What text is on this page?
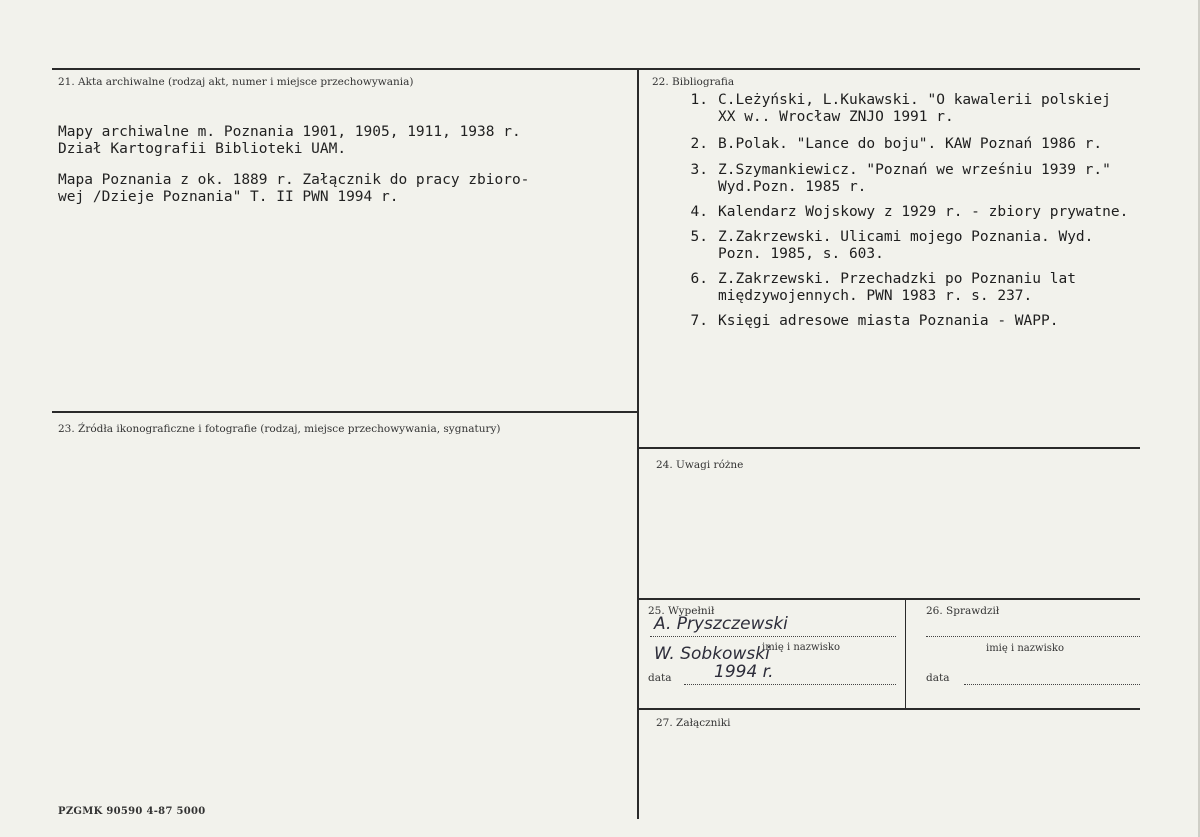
21. Akta archiwalne (rodzaj akt, numer i miejsce przechowywania)
Mapy archiwalne m. Poznania 1901, 1905, 1911, 1938 r.
Dział Kartografii Biblioteki UAM.
Mapa Poznania z ok. 1889 r. Załącznik do pracy zbioro-
wej /Dzieje Poznania" T. II PWN 1994 r.
23. Źródła ikonograficzne i fotografie (rodzaj, miejsce przechowywania, sygnatury)
22. Bibliografia
1. C.Leżyński, L.Kukawski. "O kawalerii polskiej
XX w.. Wrocław ZNJO 1991 r.
2. B.Polak. "Lance do boju". KAW Poznań 1986 r.
3. Z.Szymankiewicz. "Poznań we wrześniu 1939 r."
Wyd.Pozn. 1985 r.
4. Kalendarz Wojskowy z 1929 r. - zbiory prywatne.
5. Z.Zakrzewski. Ulicami mojego Poznania. Wyd.
Pozn. 1985, s. 603.
6. Z.Zakrzewski. Przechadzki po Poznaniu lat
międzywojennych. PWN 1983 r. s. 237.
7. Księgi adresowe miasta Poznania - WAPP.
24. Uwagi różne
25. Wypełnił
A. Pryszczewski
imię i nazwisko
W. Sobkowski
data	1994 r.
26. Sprawdził
imię i nazwisko
data
27. Załączniki
PZGMK 90590 4-87 5000
